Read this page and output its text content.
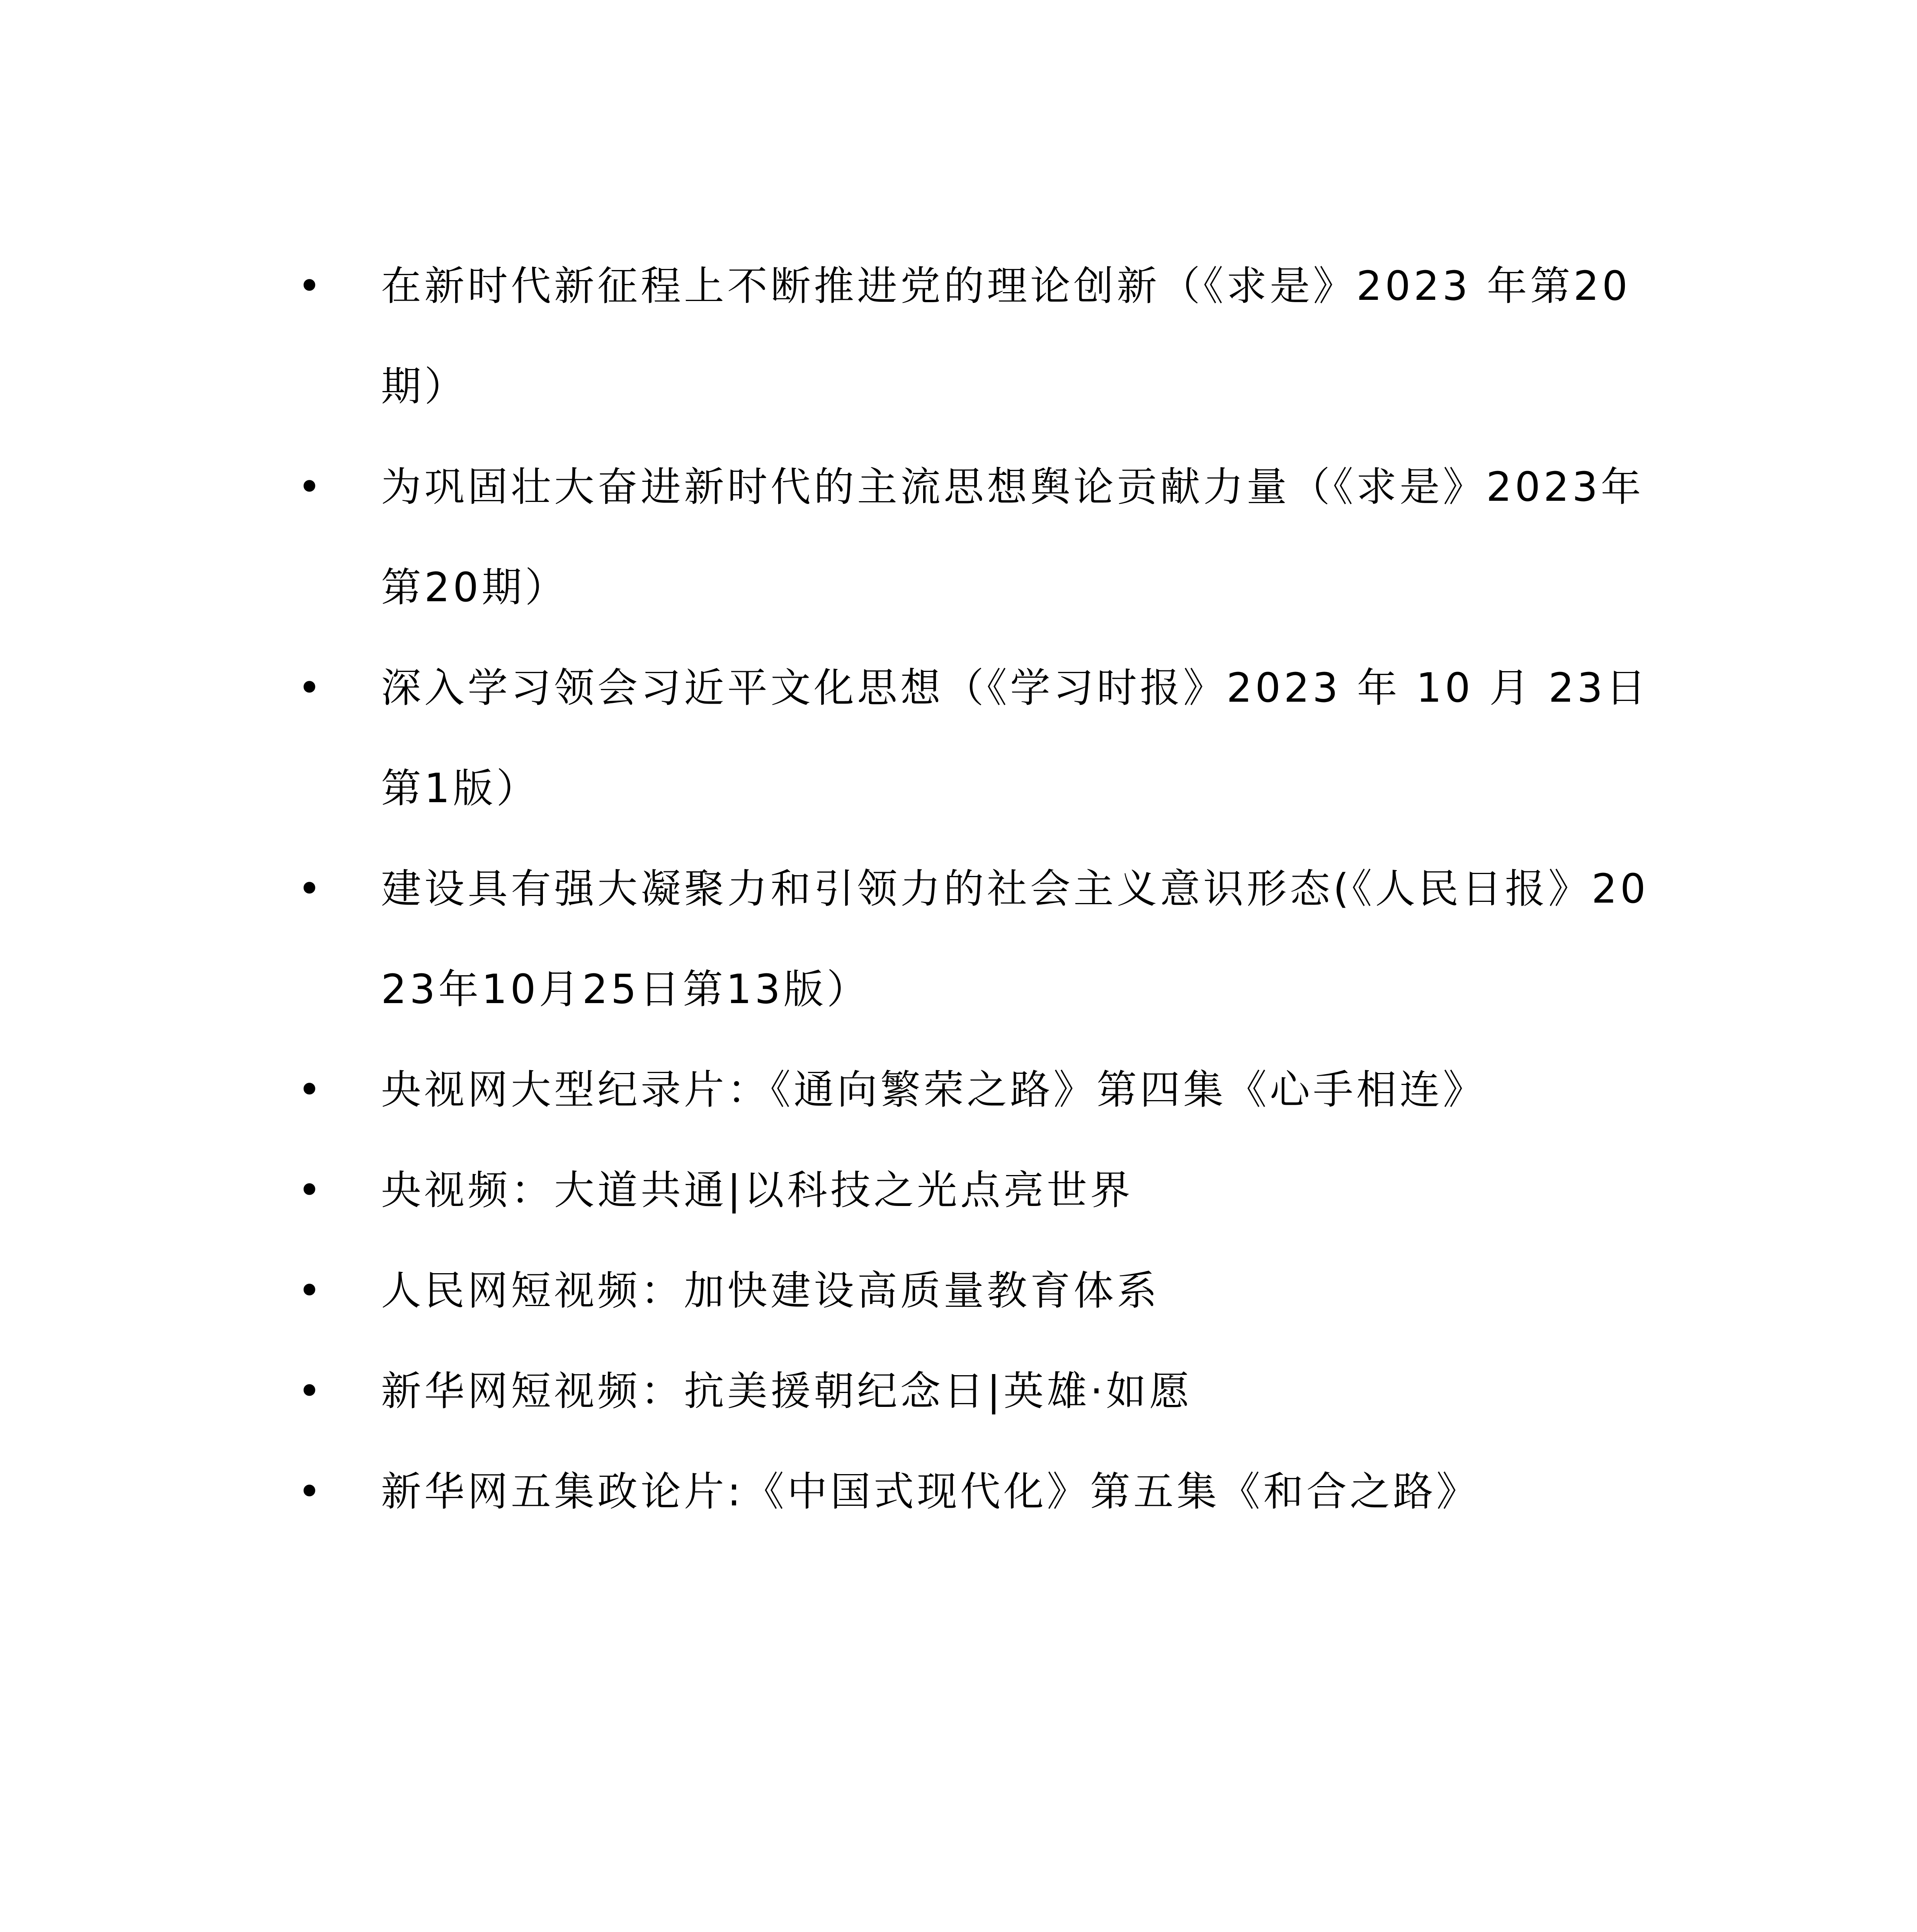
• 在新时代新征程上不断推进党的理论创新（《求是》2023 年第20期）
• 为巩固壮大奋进新时代的主流思想舆论贡献力量（《求是》2023年第20期）
• 深入学习领会习近平文化思想（《学习时报》2023 年 10 月 23日第1版）
• 建设具有强大凝聚力和引领力的社会主义意识形态(《人民日报》2023年10月25日第13版）
• 央视网大型纪录片：《通向繁荣之路》第四集《心手相连》
• 央视频：大道共通|以科技之光点亮世界
• 人民网短视频：加快建设高质量教育体系
• 新华网短视频：抗美援朝纪念日|英雄·如愿
• 新华网五集政论片:《中国式现代化》第五集《和合之路》
